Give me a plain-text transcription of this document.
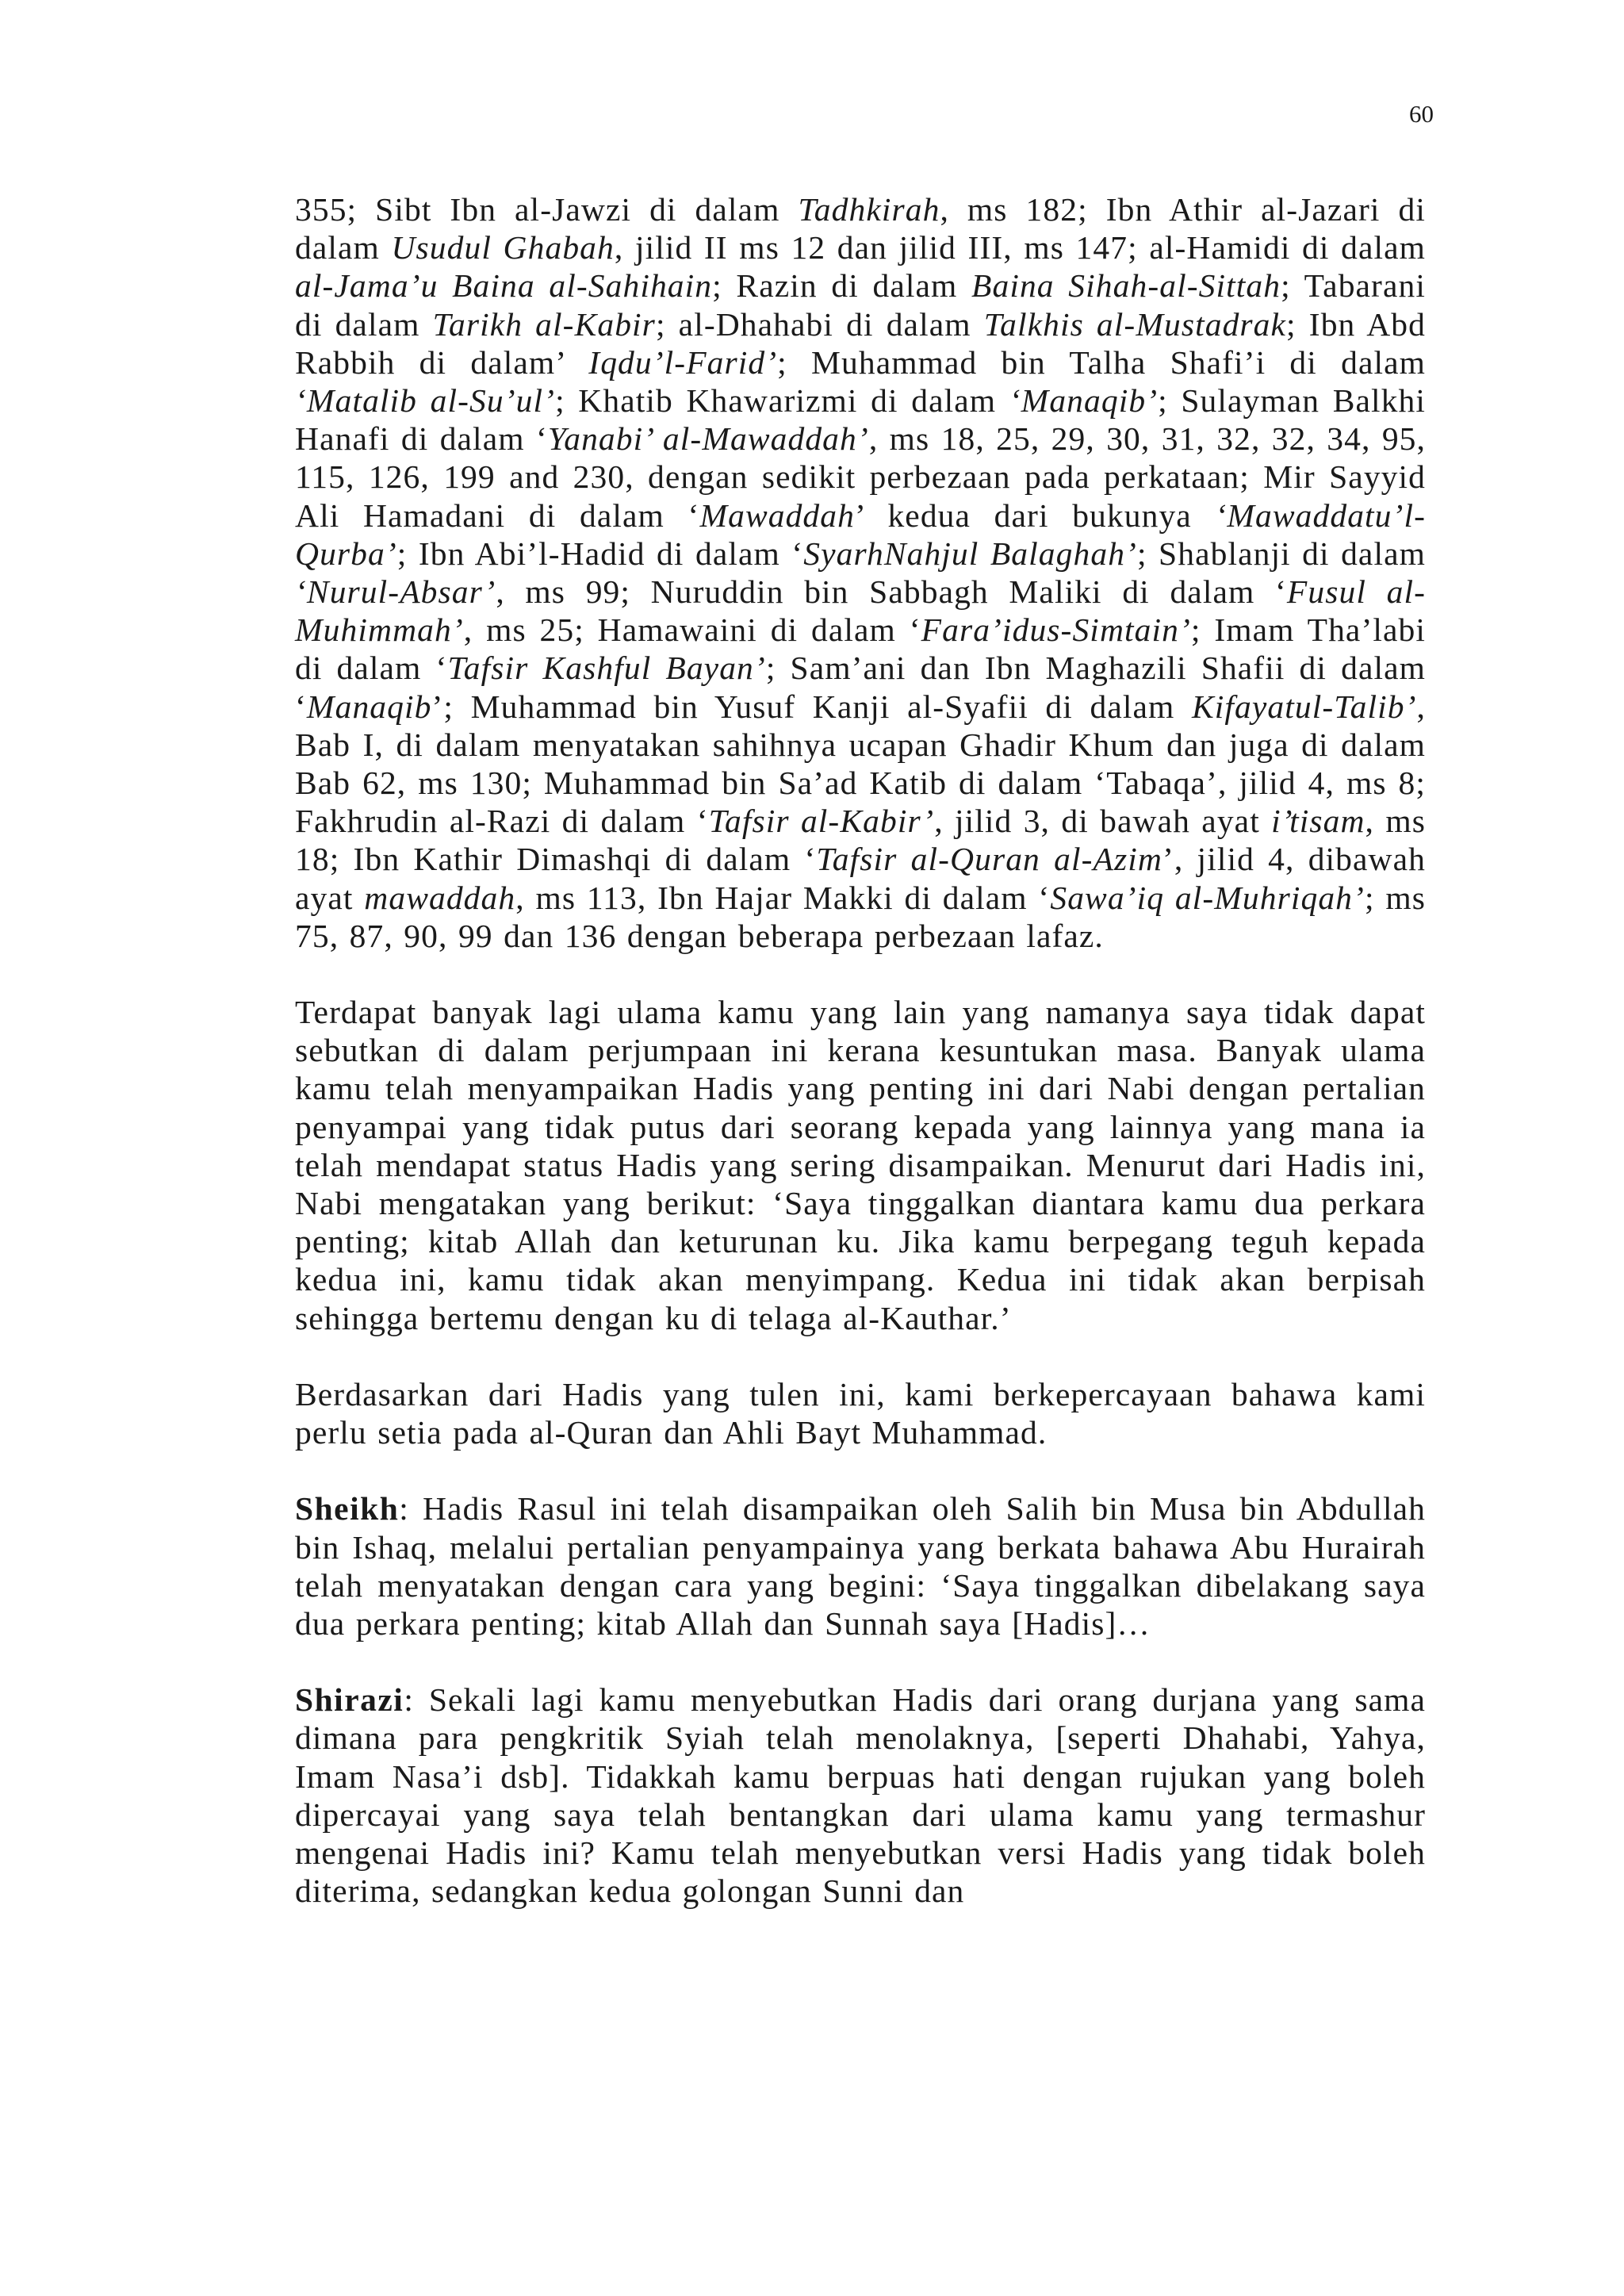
60

355; Sibt Ibn al-Jawzi di dalam Tadhkirah, ms 182; Ibn Athir al-Jazari di dalam Usudul Ghabah, jilid II ms 12 dan jilid III, ms 147; al-Hamidi di dalam al-Jama’u Baina al-Sahihain; Razin di dalam Baina Sihah-al-Sittah; Tabarani di dalam Tarikh al-Kabir; al-Dhahabi di dalam Talkhis al-Mustadrak; Ibn Abd Rabbih di dalam’ Iqdu’l-Farid’; Muhammad bin Talha Shafi’i di dalam ‘Matalib al-Su’ul’; Khatib Khawarizmi di dalam ‘Manaqib’; Sulayman Balkhi Hanafi di dalam ‘Yanabi’ al-Mawaddah’, ms 18, 25, 29, 30, 31, 32, 32, 34, 95, 115, 126, 199 and 230, dengan sedikit perbezaan pada perkataan; Mir Sayyid Ali Hamadani di dalam ‘Mawaddah’ kedua dari bukunya ‘Mawaddatu’l-Qurba’; Ibn Abi’l-Hadid di dalam ‘SyarhNahjul Balaghah’; Shablanji di dalam ‘Nurul-Absar’, ms 99; Nuruddin bin Sabbagh Maliki di dalam ‘Fusul al-Muhimmah’, ms 25; Hamawaini di dalam ‘Fara’idus-Simtain’; Imam Tha’labi di dalam ‘Tafsir Kashful Bayan’; Sam’ani dan Ibn Maghazili Shafii di dalam ‘Manaqib’; Muhammad bin Yusuf Kanji al-Syafii di dalam Kifayatul-Talib’, Bab I, di dalam menyatakan sahihnya ucapan Ghadir Khum dan juga di dalam Bab 62, ms 130; Muhammad bin Sa’ad Katib di dalam ‘Tabaqa’, jilid 4, ms 8; Fakhrudin al-Razi di dalam ‘Tafsir al-Kabir’, jilid 3, di bawah ayat i’tisam, ms 18; Ibn Kathir Dimashqi di dalam ‘Tafsir al-Quran al-Azim’, jilid 4, dibawah ayat mawaddah, ms 113, Ibn Hajar Makki di dalam ‘Sawa’iq al-Muhriqah’; ms 75, 87, 90, 99 dan 136 dengan beberapa perbezaan lafaz.

Terdapat banyak lagi ulama kamu yang lain yang namanya saya tidak dapat sebutkan di dalam perjumpaan ini kerana kesuntukan masa. Banyak ulama kamu telah menyampaikan Hadis yang penting ini dari Nabi dengan pertalian penyampai yang tidak putus dari seorang kepada yang lainnya yang mana ia telah mendapat status Hadis yang sering disampaikan. Menurut dari Hadis ini, Nabi mengatakan yang berikut: ‘Saya tinggalkan diantara kamu dua perkara penting; kitab Allah dan keturunan ku. Jika kamu berpegang teguh kepada kedua ini, kamu tidak akan menyimpang. Kedua ini tidak akan berpisah sehingga bertemu dengan ku di telaga al-Kauthar.’

Berdasarkan dari Hadis yang tulen ini, kami berkepercayaan bahawa kami perlu setia pada al-Quran dan Ahli Bayt Muhammad.

Sheikh: Hadis Rasul ini telah disampaikan oleh Salih bin Musa bin Abdullah bin Ishaq, melalui pertalian penyampainya yang berkata bahawa Abu Hurairah telah menyatakan dengan cara yang begini: ‘Saya tinggalkan dibelakang saya dua perkara penting; kitab Allah dan Sunnah saya [Hadis]…

Shirazi: Sekali lagi kamu menyebutkan Hadis dari orang durjana yang sama dimana para pengkritik Syiah telah menolaknya, [seperti Dhahabi, Yahya, Imam Nasa’i dsb]. Tidakkah kamu berpuas hati dengan rujukan yang boleh dipercayai yang saya telah bentangkan dari ulama kamu yang termashur mengenai Hadis ini? Kamu telah menyebutkan versi Hadis yang tidak boleh diterima, sedangkan kedua golongan Sunni dan
